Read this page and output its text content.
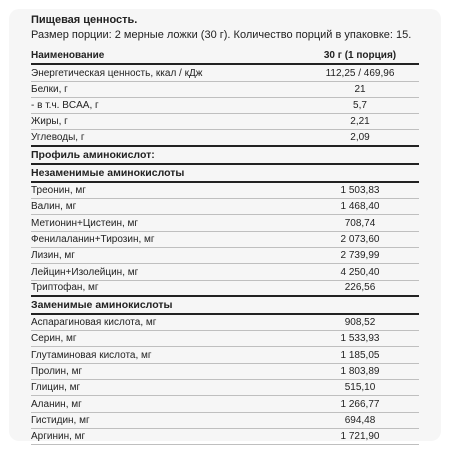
Пищевая ценность.
Размер порции: 2 мерные ложки (30 г). Количество порций в упаковке: 15.
Наименование	30 г (1 порция)
Энергетическая ценность, ккал / кДж	112,25 / 469,96
Белки, г	21
- в т.ч. BCAA, г	5,7
Жиры, г	2,21
Углеводы, г	2,09
Профиль аминокислот:
Незаменимые аминокислоты
Треонин, мг	1 503,83
Валин, мг	1 468,40
Метионин+Цистеин, мг	708,74
Фенилаланин+Тирозин, мг	2 073,60
Лизин, мг	2 739,99
Лейцин+Изолейцин, мг	4 250,40
Триптофан, мг	226,56
Заменимые аминокислоты
Аспарагиновая кислота, мг	908,52
Серин, мг	1 533,93
Глутаминовая кислота, мг	1 185,05
Пролин, мг	1 803,89
Глицин, мг	515,10
Аланин, мг	1 266,77
Гистидин, мг	694,48
Аргинин, мг	1 721,90
